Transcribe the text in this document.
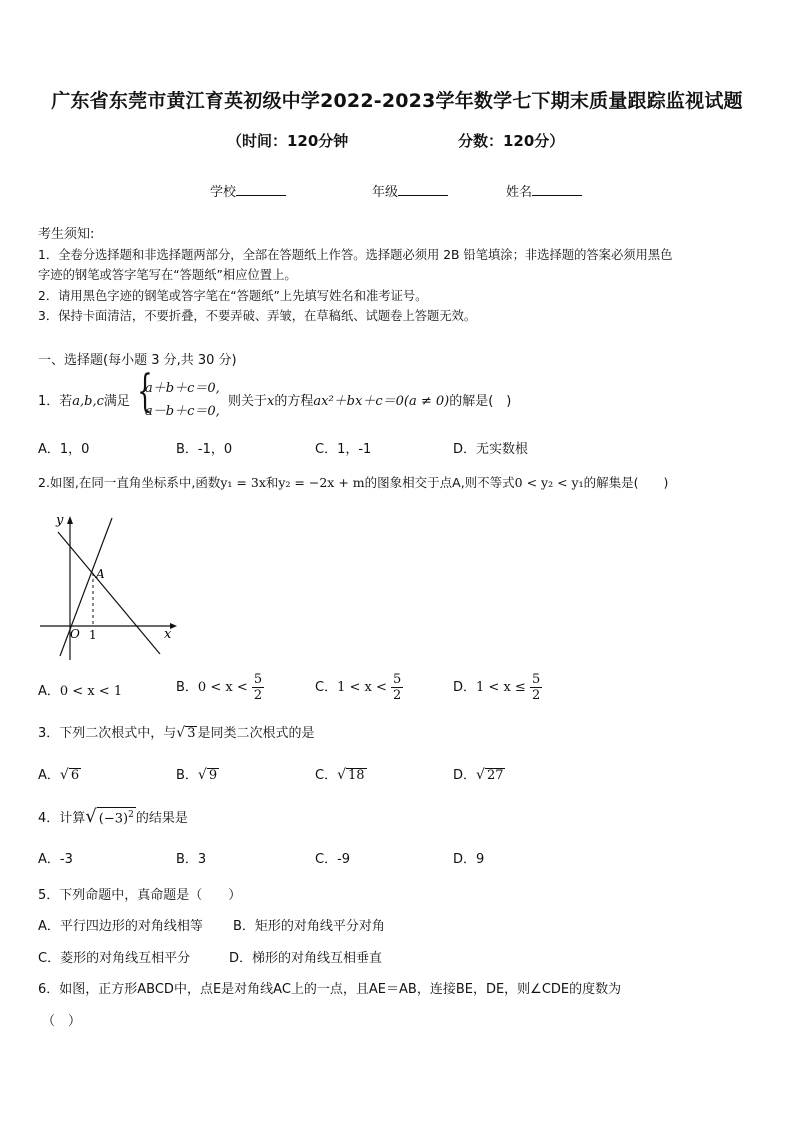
广东省东莞市黄江育英初级中学2022-2023学年数学七下期末质量跟踪监视试题
（时间：120分钟	分数：120分）
学校	年级	姓名
考生须知:
1．全卷分选择题和非选择题两部分，全部在答题纸上作答。选择题必须用 2B 铅笔填涂；非选择题的答案必须用黑色
字迹的钢笔或答字笔写在“答题纸”相应位置上。
2．请用黑色字迹的钢笔或答字笔在“答题纸”上先填写姓名和准考证号。
3．保持卡面清洁，不要折叠，不要弄破、弄皱，在草稿纸、试题卷上答题无效。
一、选择题(每小题 3 分,共 30 分)
1．若a,b,c满足 {
a＋b＋c＝0,
a－b＋c＝0,
则关于x的方程ax²＋bx＋c＝0(a ≠ 0)的解是(　)
A．1，0	B．-1，0	C．1，-1	D．无实数根
2.如图,在同一直角坐标系中,函数y₁ = 3x和y₂ = −2x + m的图象相交于点A,则不等式0 < y₂ < y₁的解集是(　　)
y
x
A
O 1
A．0 < x < 1	B．$0 < x < \frac{5}{2}$	C．$1 < x < \frac{5}{2}$	D．$1 < x \le \frac{5}{2}$
3．下列二次根式中，与√ 3 是同类二次根式的是
A．√ 6	B．√ 9	C．√ 18	D．√ 27
4．计算√ $(-3)^2$ 的结果是
A．-3	B．3	C．-9	D．9
5．下列命题中，真命题是（　　）
A．平行四边形的对角线相等 B．矩形的对角线平分对角
C．菱形的对角线互相平分	D．梯形的对角线互相垂直
6．如图，正方形ABCD中，点E是对角线AC上的一点，且AE＝AB，连接BE，DE，则∠CDE的度数为
（　）
